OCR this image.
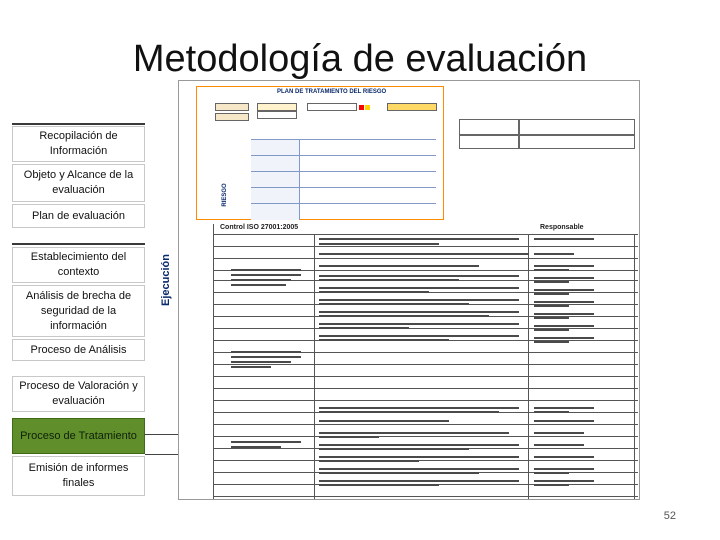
Metodología de evaluación
Recopilación de Información
Objeto y Alcance de la evaluación
Plan de evaluación
Establecimiento del contexto
Análisis de brecha de seguridad de la información
Proceso de Análisis
Proceso de Valoración y evaluación
Proceso de Tratamiento
Emisión de informes finales
Ejecución
PLAN DE TRATAMIENTO DEL RIESGO
RIESGO
Control ISO 27001:2005	Responsable
52
